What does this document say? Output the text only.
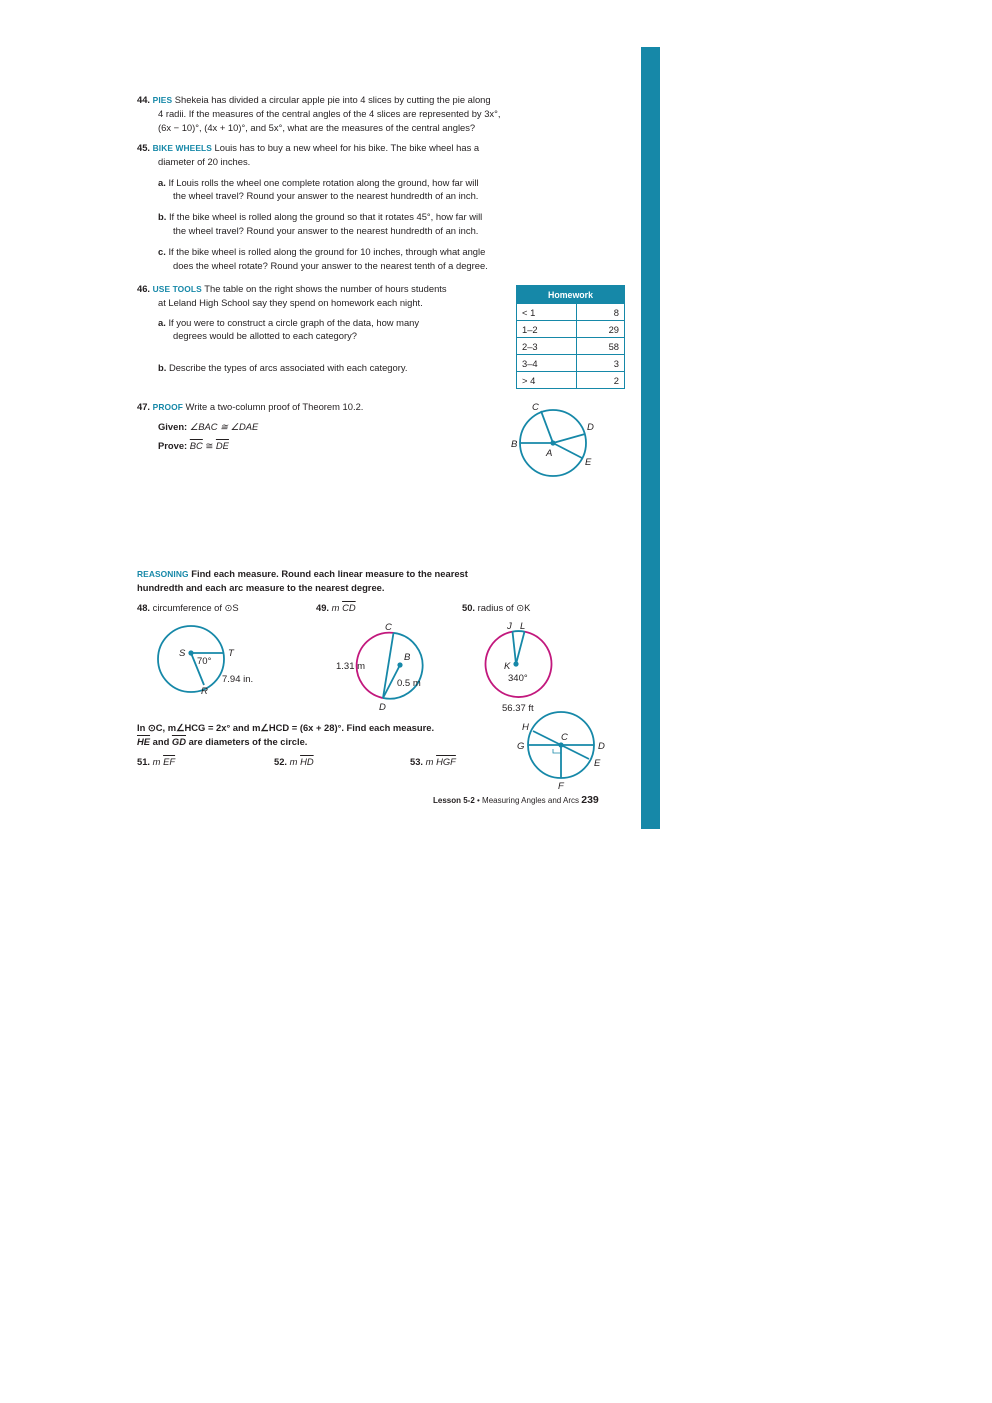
44. PIES Shekeia has divided a circular apple pie into 4 slices by cutting the pie along
4 radii. If the measures of the central angles of the 4 slices are represented by 3x°,
(6x − 10)°, (4x + 10)°, and 5x°, what are the measures of the central angles?
45. BIKE WHEELS Louis has to buy a new wheel for his bike. The bike wheel has a
diameter of 20 inches.
a. If Louis rolls the wheel one complete rotation along the ground, how far will
the wheel travel? Round your answer to the nearest hundredth of an inch.
b. If the bike wheel is rolled along the ground so that it rotates 45°, how far will
the wheel travel? Round your answer to the nearest hundredth of an inch.
c. If the bike wheel is rolled along the ground for 10 inches, through what angle
does the wheel rotate? Round your answer to the nearest tenth of a degree.
46. USE TOOLS The table on the right shows the number of hours students
at Leland High School say they spend on homework each night.
a. If you were to construct a circle graph of the data, how many
degrees would be allotted to each category?
b. Describe the types of arcs associated with each category.
Homework	
< 1	8
1–2	29
2–3	58
3–4	3
> 4	2
47. PROOF Write a two-column proof of Theorem 10.2.
Given: ∠BAC ≅ ∠DAE
Prove: $\overline{BC}$ ≅ $\overline{DE}$
C
B
D
E
A
REASONING Find each measure. Round each linear measure to the nearest
hundredth and each arc measure to the nearest degree.
48. circumference of ⊙S	49. m $\overline{CD}$	50. radius of ⊙K
S	T
R
70°
7.94 in.
C
B
D
1.31 m
0.5 m
J L
K
340°
56.37 ft
In ⊙C, m∠HCG = 2x° and m∠HCD = (6x + 28)°. Find each measure.
$\overline{HE}$ and $\overline{GD}$ are diameters of the circle.
51. m $\overline{EF}$	52. m $\overline{HD}$	53. m $\overline{HGF}$
H
C
G	D
E
F
Lesson 5-2 • Measuring Angles and Arcs 239
